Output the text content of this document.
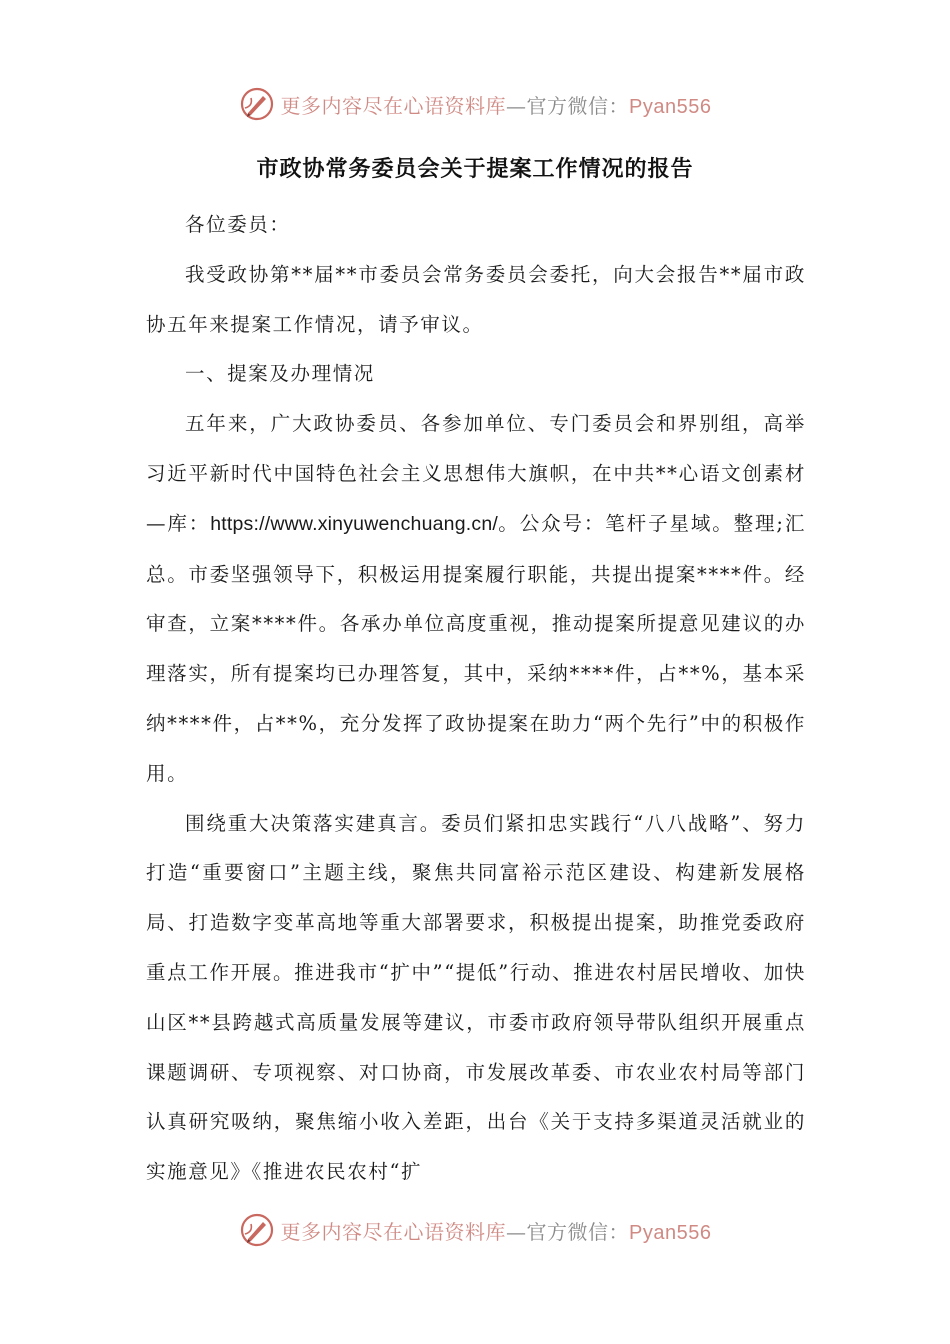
更多内容尽在心语资料库—官方微信：Pyan556
市政协常务委员会关于提案工作情况的报告

各位委员：

我受政协第**届**市委员会常务委员会委托，向大会报告**届市政协五年来提案工作情况，请予审议。

一、提案及办理情况

五年来，广大政协委员、各参加单位、专门委员会和界别组，高举习近平新时代中国特色社会主义思想伟大旗帜，在中共**心语文创素材—库：https://www.xinyuwenchuang.cn/。公众号：笔杆子星域。整理;汇总。市委坚强领导下，积极运用提案履行职能，共提出提案****件。经审查，立案****件。各承办单位高度重视，推动提案所提意见建议的办理落实，所有提案均已办理答复，其中，采纳****件，占**%，基本采纳****件，占**%，充分发挥了政协提案在助力“两个先行”中的积极作用。

围绕重大决策落实建真言。委员们紧扣忠实践行“八八战略”、努力打造“重要窗口”主题主线，聚焦共同富裕示范区建设、构建新发展格局、打造数字变革高地等重大部署要求，积极提出提案，助推党委政府重点工作开展。推进我市“扩中”“提低”行动、推进农村居民增收、加快山区**县跨越式高质量发展等建议，市委市政府领导带队组织开展重点课题调研、专项视察、对口协商，市发展改革委、市农业农村局等部门认真研究吸纳，聚焦缩小收入差距，出台《关于支持多渠道灵活就业的实施意见》《推进农民农村“扩

更多内容尽在心语资料库—官方微信：Pyan556
